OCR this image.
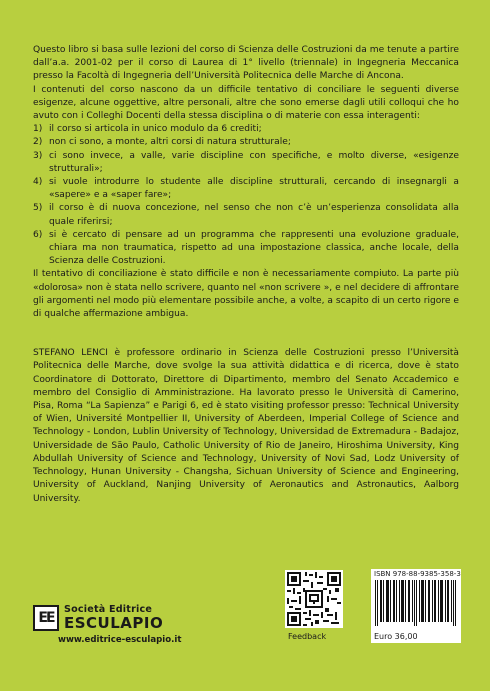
Questo libro si basa sulle lezioni del corso di Scienza delle Costruzioni da me tenute a partire dall’a.a. 2001-02 per il corso di Laurea di 1° livello (triennale) in Ingegneria Meccanica presso la Facoltà di Ingegneria dell’Università Politecnica delle Marche di Ancona.

I contenuti del corso nascono da un difficile tentativo di conciliare le seguenti diverse esigenze, alcune oggettive, altre personali, altre che sono emerse dagli utili colloqui che ho avuto con i Colleghi Docenti della stessa disciplina o di materie con essa interagenti:

1) il corso si articola in unico modulo da 6 crediti;
2) non ci sono, a monte, altri corsi di natura strutturale;
3) ci sono invece, a valle, varie discipline con specifiche, e molto diverse, «esigenze strutturali»;
4) si vuole introdurre lo studente alle discipline strutturali, cercando di insegnargli a «sapere» e a «saper fare»;
5) il corso è di nuova concezione, nel senso che non c’è un’esperienza consolidata alla quale riferirsi;
6) si è cercato di pensare ad un programma che rappresenti una evoluzione graduale, chiara ma non traumatica, rispetto ad una impostazione classica, anche locale, della Scienza delle Costruzioni.

Il tentativo di conciliazione è stato difficile e non è necessariamente compiuto. La parte più «dolorosa» non è stata nello scrivere, quanto nel «non scrivere », e nel decidere di affrontare gli argomenti nel modo più elementare possibile anche, a volte, a scapito di un certo rigore e di qualche affermazione ambigua.

STEFANO LENCI è professore ordinario in Scienza delle Costruzioni presso l’Università Politecnica delle Marche, dove svolge la sua attività didattica e di ricerca, dove è stato Coordinatore di Dottorato, Direttore di Dipartimento, membro del Senato Accademico e membro del Consiglio di Amministrazione. Ha lavorato presso le Università di Camerino, Pisa, Roma “La Sapienza” e Parigi 6, ed è stato visiting professor presso: Technical University of Wien, Université Montpellier II, University of Aberdeen, Imperial College of Science and Technology - London, Lublin University of Technology, Universidad de Extremadura - Badajoz, Universidade de São Paulo, Catholic University of Rio de Janeiro, Hiroshima University, King Abdullah University of Science and Technology, University of Novi Sad, Lodz University of Technology, Hunan University - Changsha, Sichuan University of Science and Engineering, University of Auckland, Nanjing University of Aeronautics and Astronautics, Aalborg University.

EE
Società Editrice
ESCULAPIO
www.editrice-esculapio.it	Feedback
ISBN 978-88-9385-358-3
Euro 36,00
